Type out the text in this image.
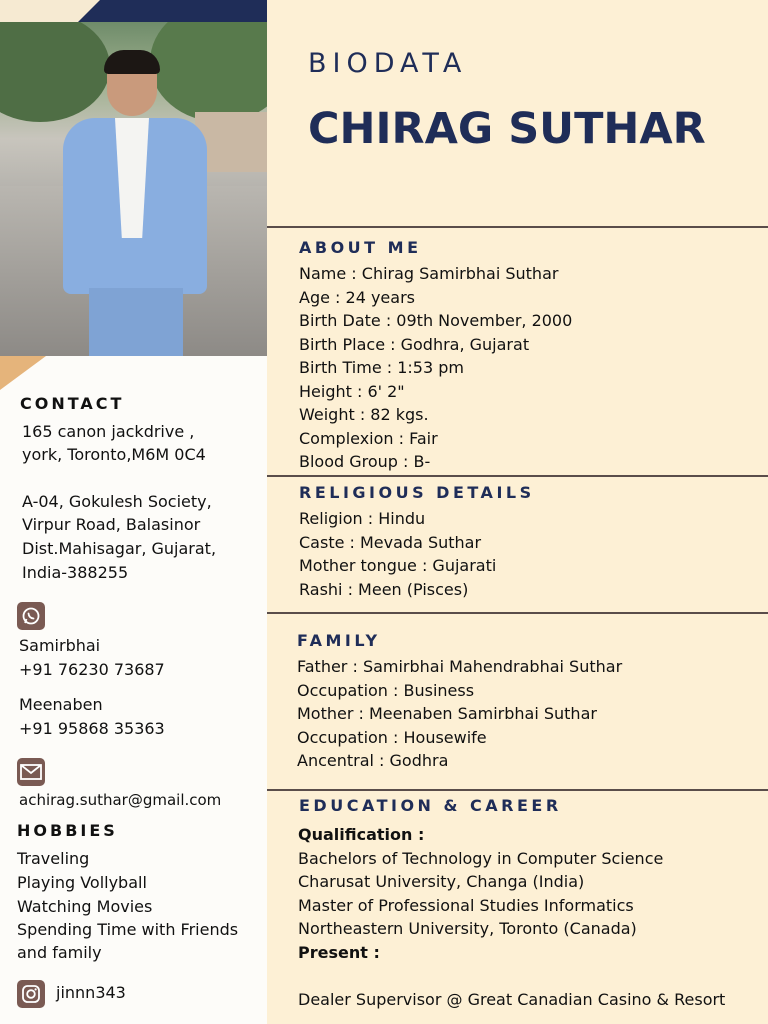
CONTACT
165 canon jackdrive ,
york, Toronto,M6M 0C4
A-04, Gokulesh Society,
Virpur Road, Balasinor
Dist.Mahisagar, Gujarat,
India-388255
Samirbhai
+91 76230 73687
Meenaben
+91 95868 35363
achirag.suthar@gmail.com
HOBBIES
Traveling
Playing Vollyball
Watching Movies
Spending Time with Friends
and family
jinnn343
BIODATA
CHIRAG SUTHAR
ABOUT ME
Name : Chirag Samirbhai Suthar
Age : 24 years
Birth Date : 09th November, 2000
Birth Place : Godhra, Gujarat
Birth Time : 1:53 pm
Height : 6' 2"
Weight : 82 kgs.
Complexion : Fair
Blood Group : B-
RELIGIOUS DETAILS
Religion : Hindu
Caste : Mevada Suthar
Mother tongue : Gujarati
Rashi : Meen (Pisces)
FAMILY
Father : Samirbhai Mahendrabhai Suthar
Occupation : Business
Mother : Meenaben Samirbhai Suthar
Occupation : Housewife
Ancentral : Godhra
EDUCATION & CAREER
Qualification :
Bachelors of Technology in Computer Science
Charusat University, Changa (India)
Master of Professional Studies Informatics
Northeastern University, Toronto (Canada)
Present :
Dealer Supervisor @ Great Canadian Casino & Resort
